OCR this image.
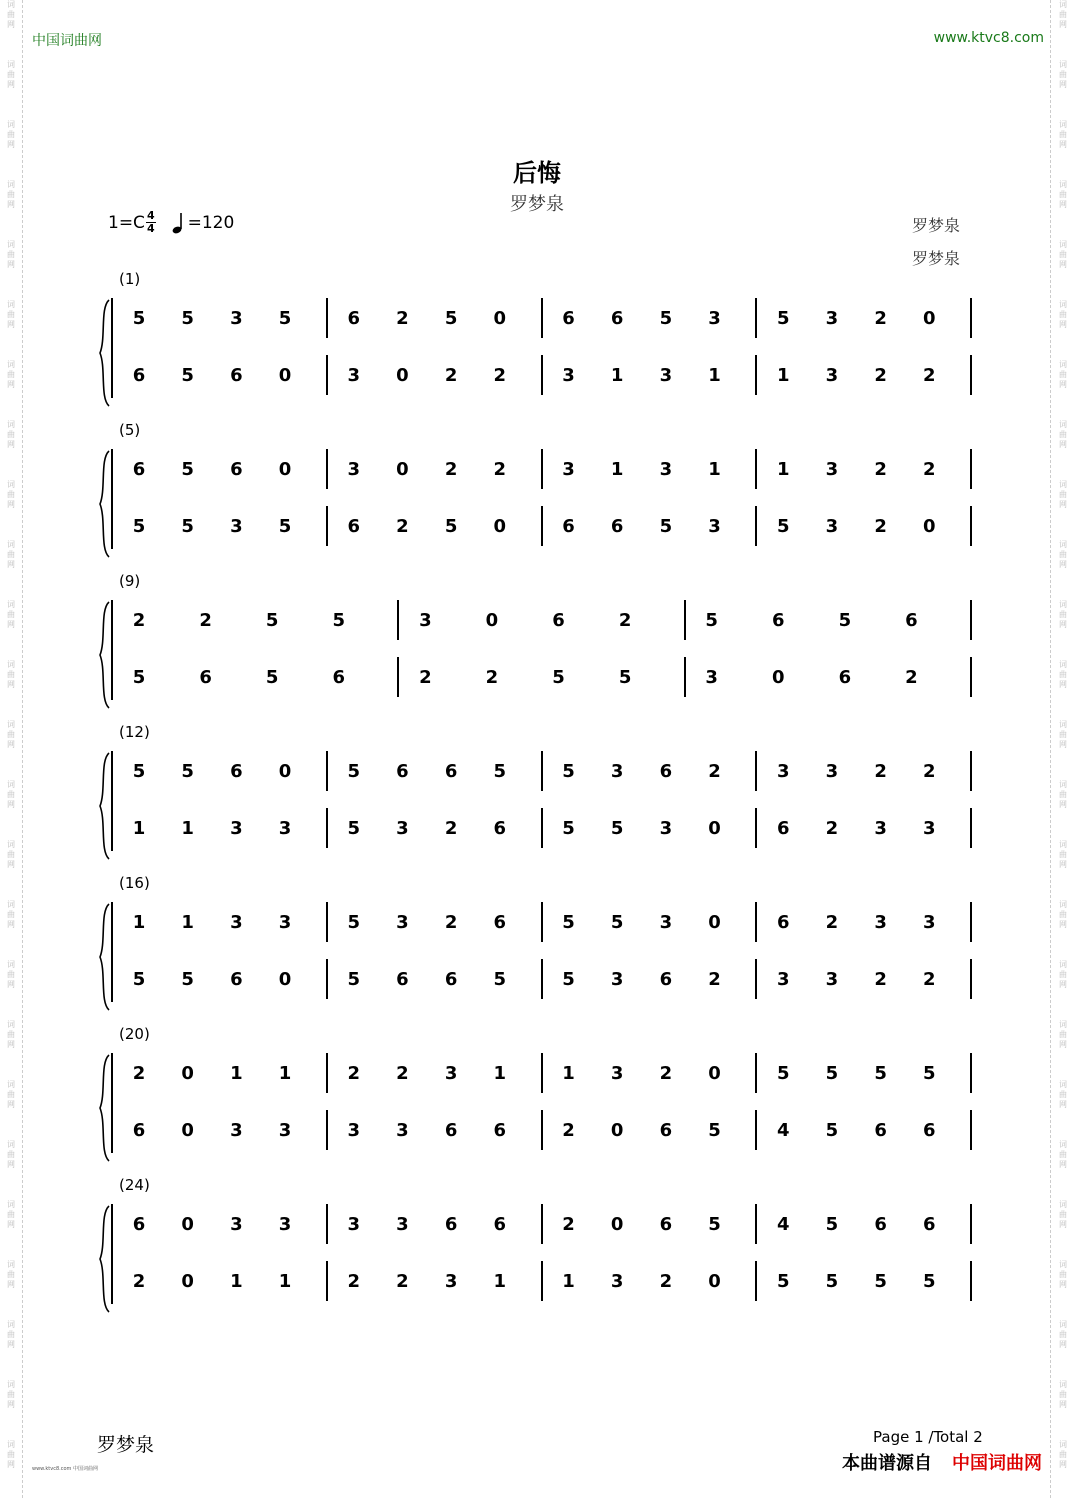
中国词曲网	www.ktvc8.com
词
曲
网
词
曲
网
词
曲
网
词
曲
网
词
曲
网
词
曲
网
词
曲
网
词
曲
网
词
曲
网
词
曲
网
词
曲
网
词
曲
网
词
曲
网
词
曲
网
词
曲
网
词
曲
网
词
曲
网
词
曲
网
词
曲
网
词
曲
网
词
曲
网
词
曲
网
词
曲
网
词
曲
网
词
曲
网
词
曲
网
词
曲
网
词
曲
网
词
曲
网
词
曲
网
词
曲
网
词
曲
网
词
曲
网
词
曲
网
词
曲
网
词
曲
网
词
曲
网
词
曲
网
词
曲
网
词
曲
网
词
曲
网
词
曲
网
词
曲
网
词
曲
网
词
曲
网
词
曲
网
词
曲
网
词
曲
网
词
曲
网
词
曲
网
后悔
罗梦泉
$1=C \frac{4}{4} =120$	罗梦泉
罗梦泉
(1)
5 5 3 5	6 2 5 0	6 6 5 3	5 3 2 0
6 5 6 0	3 0 2 2	3 1 3 1	1 3 2 2
(5)
6 5 6 0	3 0 2 2	3 1 3 1	1 3 2 2
5 5 3 5	6 2 5 0	6 6 5 3	5 3 2 0
(9)
2	2	5	5	3	0	6	2	5	6	5	6
5	6	5	6	2	2	5	5	3	0	6	2
(12)
5 5 6 0	5 6 6 5	5 3 6 2	3 3 2 2
1 1 3 3	5 3 2 6	5 5 3 0	6 2 3 3
(16)
1 1 3 3	5 3 2 6	5 5 3 0	6 2 3 3
5 5 6 0	5 6 6 5	5 3 6 2	3 3 2 2
(20)
2 0 1 1	2 2 3 1	1 3 2 0	5 5 5 5
6 0 3 3	3 3 6 6	2 0 6 5	4 5 6 6
(24)
6 0 3 3	3 3 6 6	2 0 6 5	4 5 6 6
2 0 1 1	2 2 3 1	1 3 2 0	5 5 5 5
罗梦泉	Page 1 /Total 2
本曲谱源自 中国词曲网
www.ktvc8.com 中国词曲网
